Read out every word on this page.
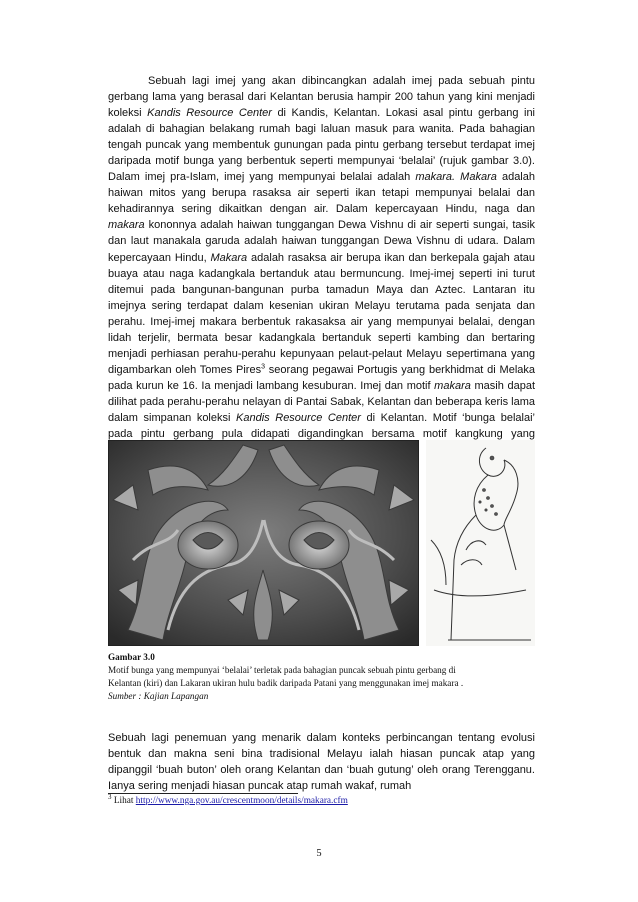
Sebuah lagi imej yang akan dibincangkan adalah imej pada sebuah pintu gerbang lama yang berasal dari Kelantan berusia hampir 200 tahun yang kini menjadi koleksi Kandis Resource Center di Kandis, Kelantan. Lokasi asal pintu gerbang ini adalah di bahagian belakang rumah bagi laluan masuk para wanita. Pada bahagian tengah puncak yang membentuk gunungan pada pintu gerbang tersebut terdapat imej daripada motif bunga yang berbentuk seperti mempunyai ‘belalai’ (rujuk gambar 3.0). Dalam imej pra-Islam, imej yang mempunyai belalai adalah makara. Makara adalah haiwan mitos yang berupa rasaksa air seperti ikan tetapi mempunyai belalai dan kehadirannya sering dikaitkan dengan air. Dalam kepercayaan Hindu, naga dan makara kononnya adalah haiwan tunggangan Dewa Vishnu di air seperti sungai, tasik dan laut manakala garuda adalah haiwan tunggangan Dewa Vishnu di udara. Dalam kepercayaan Hindu, Makara adalah rasaksa air berupa ikan dan berkepala gajah atau buaya atau naga kadangkala bertanduk atau bermuncung. Imej-imej seperti ini turut ditemui pada bangunan-bangunan purba tamadun Maya dan Aztec. Lantaran itu imejnya sering terdapat dalam kesenian ukiran Melayu terutama pada senjata dan perahu. Imej-imej makara berbentuk rakasaksa air yang mempunyai belalai, dengan lidah terjelir, bermata besar kadangkala bertanduk seperti kambing dan bertaring menjadi perhiasan perahu-perahu kepunyaan pelaut-pelaut Melayu sepertimana yang digambarkan oleh Tomes Pires$^3$ seorang pegawai Portugis yang berkhidmat di Melaka pada kurun ke 16. Ia menjadi lambang kesuburan. Imej dan motif makara masih dapat dilihat pada perahu-perahu nelayan di Pantai Sabak, Kelantan dan beberapa keris lama dalam simpanan koleksi Kandis Resource Center di Kelantan. Motif ‘bunga belalai’ pada pintu gerbang pula didapati digandingkan bersama motif kangkung yang

Gambar 3.0
Motif bunga yang mempunyai ‘belalai’ terletak pada bahagian puncak sebuah pintu gerbang di
Kelantan (kiri) dan Lakaran ukiran hulu badik daripada Patani yang menggunakan imej makara .
Sumber : Kajian Lapangan

Sebuah lagi penemuan yang menarik dalam konteks perbincangan tentang evolusi bentuk dan makna seni bina tradisional Melayu ialah hiasan puncak atap yang dipanggil ‘buah buton’ oleh orang Kelantan dan ‘buah gutung’ oleh orang Terengganu. Ianya sering menjadi hiasan puncak atap rumah wakaf, rumah

$^3$ Lihat http://www.nga.gov.au/crescentmoon/details/makara.cfm
5
